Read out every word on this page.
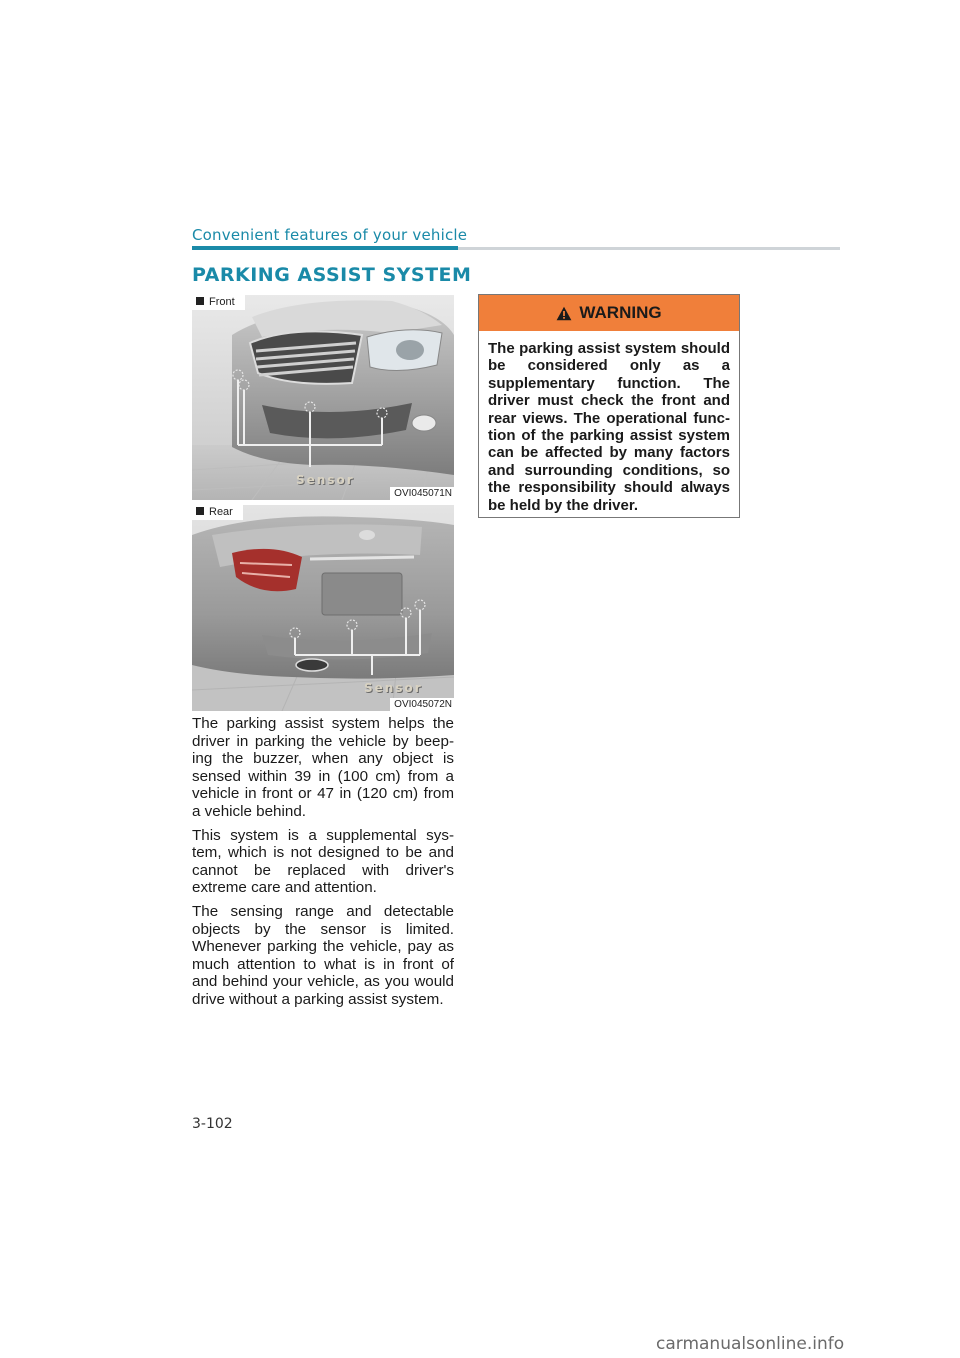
Convenient features of your vehicle
PARKING ASSIST SYSTEM
Front
Sensor
OVI045071N
Rear
Sensor
OVI045072N

The parking assist system helps the driver in parking the vehicle by beep-ing the buzzer, when any object is sensed within 39 in (100 cm) from a vehicle in front or 47 in (120 cm) from a vehicle behind.

This system is a supplemental sys-tem, which is not designed to be and cannot be replaced with driver's extreme care and attention.

The sensing range and detectable objects by the sensor is limited. Whenever parking the vehicle, pay as much attention to what is in front of and behind your vehicle, as you would drive without a parking assist system.

WARNING
The parking assist system should be considered only as a supplementary function. The driver must check the front and rear views. The operational func-tion of the parking assist system can be affected by many factors and surrounding conditions, so the responsibility should always be held by the driver.
3-102
carmanualsonline.info
